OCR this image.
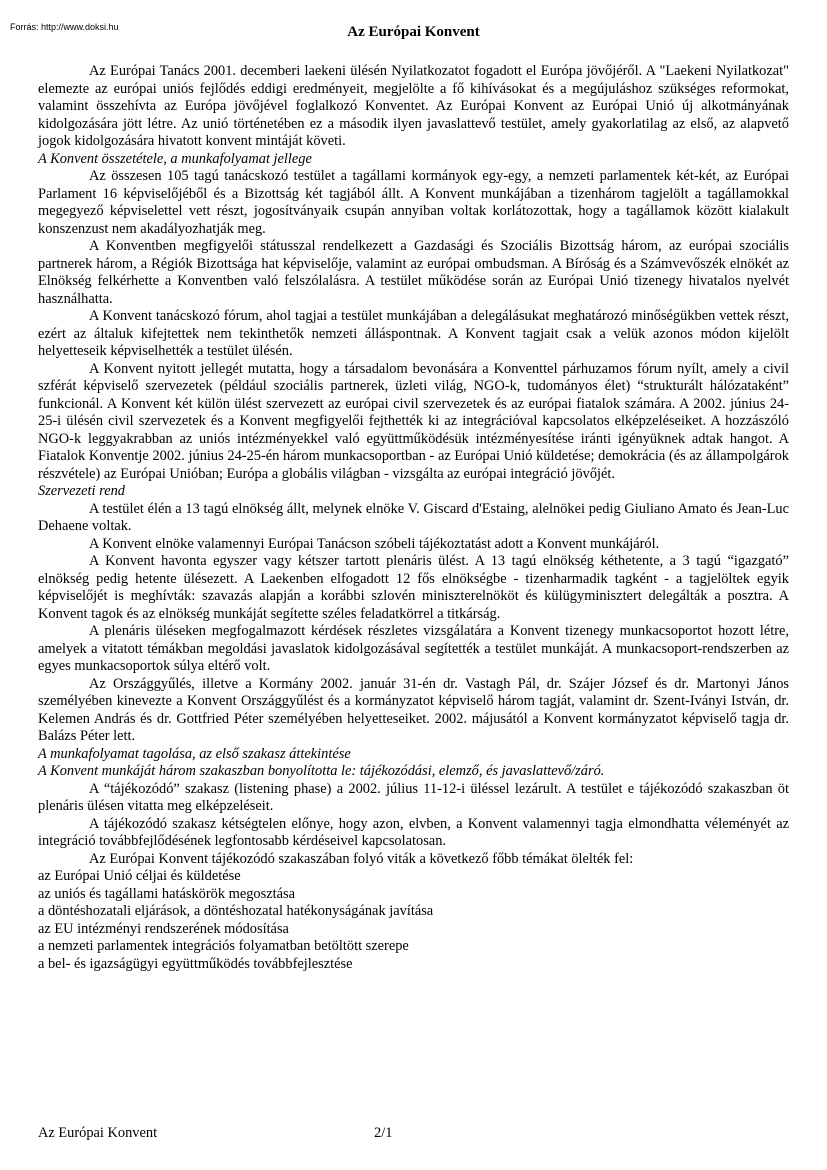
Forrás: http://www.doksi.hu	Az Európai Konvent

Az Európai Tanács 2001. decemberi laekeni ülésén Nyilatkozatot fogadott el Európa jövőjéről. A "Laekeni Nyilatkozat" elemezte az európai uniós fejlődés eddigi eredményeit, megjelölte a fő kihívásokat és a megújuláshoz szükséges reformokat, valamint összehívta az Európa jövőjével foglalkozó Konventet. Az Európai Konvent az Európai Unió új alkotmányának kidolgozására jött létre. Az unió történetében ez a második ilyen javaslattevő testület, amely gyakorlatilag az első, az alapvető jogok kidolgozására hivatott konvent mintáját követi.

A Konvent összetétele, a munkafolyamat jellege

Az összesen 105 tagú tanácskozó testület a tagállami kormányok egy-egy, a nemzeti parlamentek két-két, az Európai Parlament 16 képviselőjéből és a Bizottság két tagjából állt. A Konvent munkájában a tizenhárom tagjelölt a tagállamokkal megegyező képviselettel vett részt, jogosítványaik csupán annyiban voltak korlátozottak, hogy a tagállamok között kialakult konszenzust nem akadályozhatják meg.

A Konventben megfigyelői státusszal rendelkezett a Gazdasági és Szociális Bizottság három, az európai szociális partnerek három, a Régiók Bizottsága hat képviselője, valamint az európai ombudsman. A Bíróság és a Számvevőszék elnökét az Elnökség felkérhette a Konventben való felszólalásra. A testület működése során az Európai Unió tizenegy hivatalos nyelvét használhatta.

A Konvent tanácskozó fórum, ahol tagjai a testület munkájában a delegálásukat meghatározó minőségükben vettek részt, ezért az általuk kifejtettek nem tekinthetők nemzeti álláspontnak. A Konvent tagjait csak a velük azonos módon kijelölt helyetteseik képviselhették a testület ülésén.

A Konvent nyitott jellegét mutatta, hogy a társadalom bevonására a Konventtel párhuzamos fórum nyílt, amely a civil szférát képviselő szervezetek (például szociális partnerek, üzleti világ, NGO-k, tudományos élet) “strukturált hálózataként” funkcionál. A Konvent két külön ülést szervezett az európai civil szervezetek és az európai fiatalok számára. A 2002. június 24- 25-i ülésén civil szervezetek és a Konvent megfigyelői fejthették ki az integrációval kapcsolatos elképzeléseiket. A hozzászóló NGO-k leggyakrabban az uniós intézményekkel való együttműködésük intézményesítése iránti igényüknek adtak hangot. A Fiatalok Konventje 2002. június 24-25-én három munkacsoportban - az Európai Unió küldetése; demokrácia (és az állampolgárok részvétele) az Európai Unióban; Európa a globális világban - vizsgálta az európai integráció jövőjét.

Szervezeti rend

A testület élén a 13 tagú elnökség állt, melynek elnöke V. Giscard d'Estaing, alelnökei pedig Giuliano Amato és Jean-Luc Dehaene voltak.

A Konvent elnöke valamennyi Európai Tanácson szóbeli tájékoztatást adott a Konvent munkájáról.

A Konvent havonta egyszer vagy kétszer tartott plenáris ülést. A 13 tagú elnökség kéthetente, a 3 tagú “igazgató” elnökség pedig hetente ülésezett. A Laekenben elfogadott 12 fős elnökségbe - tizenharmadik tagként - a tagjelöltek egyik képviselőjét is meghívták: szavazás alapján a korábbi szlovén miniszterelnököt és külügyminisztert delegálták a posztra. A Konvent tagok és az elnökség munkáját segítette széles feladatkörrel a titkárság.

A plenáris üléseken megfogalmazott kérdések részletes vizsgálatára a Konvent tizenegy munkacsoportot hozott létre, amelyek a vitatott témákban megoldási javaslatok kidolgozásával segítették a testület munkáját. A munkacsoport-rendszerben az egyes munkacsoportok súlya eltérő volt.

Az Országgyűlés, illetve a Kormány 2002. január 31-én dr. Vastagh Pál, dr. Szájer József és dr. Martonyi János személyében kinevezte a Konvent Országgyűlést és a kormányzatot képviselő három tagját, valamint dr. Szent-Iványi István, dr. Kelemen András és dr. Gottfried Péter személyében helyetteseiket. 2002. májusától a Konvent kormányzatot képviselő tagja dr. Balázs Péter lett.

A munkafolyamat tagolása, az első szakasz áttekintése

A Konvent munkáját három szakaszban bonyolította le: tájékozódási, elemző, és javaslattevő/záró.

A “tájékozódó” szakasz (listening phase) a 2002. július 11-12-i üléssel lezárult. A testület e tájékozódó szakaszban öt plenáris ülésen vitatta meg elképzeléseit.

A tájékozódó szakasz kétségtelen előnye, hogy azon, elvben, a Konvent valamennyi tagja elmondhatta véleményét az integráció továbbfejlődésének legfontosabb kérdéseivel kapcsolatosan.

Az Európai Konvent tájékozódó szakaszában folyó viták a következő főbb témákat ölelték fel:

az Európai Unió céljai és küldetése

az uniós és tagállami hatáskörök megosztása

a döntéshozatali eljárások, a döntéshozatal hatékonyságának javítása

az EU intézményi rendszerének módosítása

a nemzeti parlamentek integrációs folyamatban betöltött szerepe

a bel- és igazságügyi együttműködés továbbfejlesztése

Az Európai Konvent	2/1
